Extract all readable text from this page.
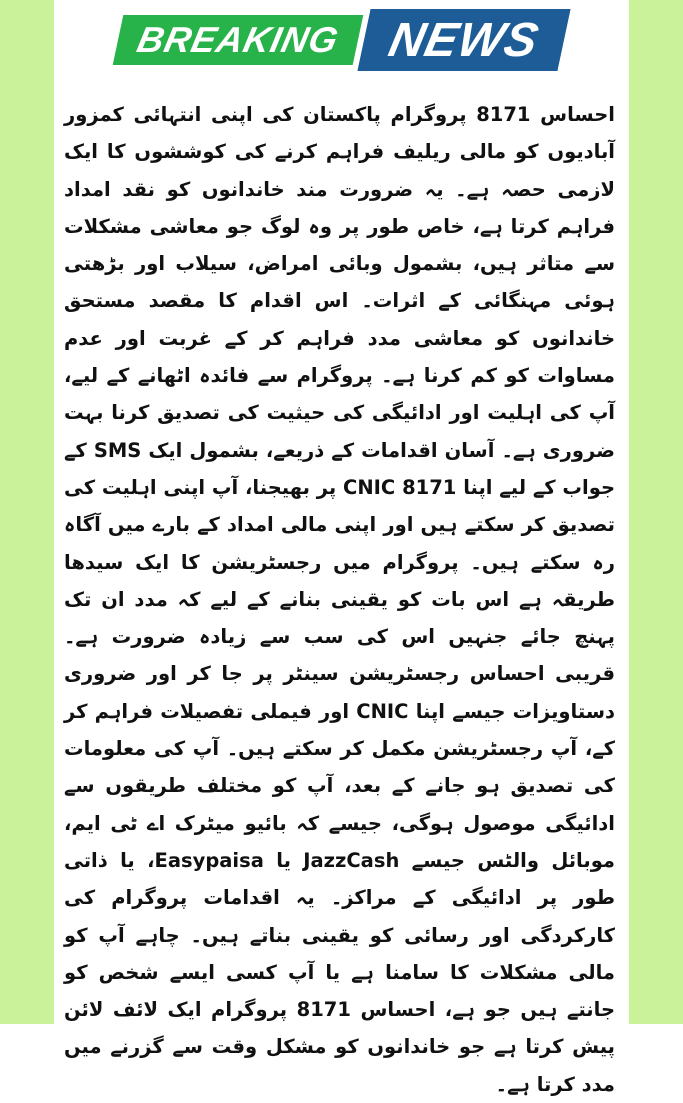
BREAKING NEWS

احساس 8171 پروگرام پاکستان کی اپنی انتہائی کمزور آبادیوں کو مالی ریلیف فراہم کرنے کی کوششوں کا ایک لازمی حصہ ہے۔ یہ ضرورت مند خاندانوں کو نقد امداد فراہم کرتا ہے، خاص طور پر وہ لوگ جو معاشی مشکلات سے متاثر ہیں، بشمول وبائی امراض، سیلاب اور بڑھتی ہوئی مہنگائی کے اثرات۔ اس اقدام کا مقصد مستحق خاندانوں کو معاشی مدد فراہم کر کے غربت اور عدم مساوات کو کم کرنا ہے۔ پروگرام سے فائدہ اٹھانے کے لیے، آپ کی اہلیت اور ادائیگی کی حیثیت کی تصدیق کرنا بہت ضروری ہے۔ آسان اقدامات کے ذریعے، بشمول ایک SMS کے جواب کے لیے اپنا CNIC 8171 پر بھیجنا، آپ اپنی اہلیت کی تصدیق کر سکتے ہیں اور اپنی مالی امداد کے بارے میں آگاہ رہ سکتے ہیں۔ پروگرام میں رجسٹریشن کا ایک سیدھا طریقہ ہے اس بات کو یقینی بنانے کے لیے کہ مدد ان تک پہنچ جائے جنہیں اس کی سب سے زیادہ ضرورت ہے۔ قریبی احساس رجسٹریشن سینٹر پر جا کر اور ضروری دستاویزات جیسے اپنا CNIC اور فیملی تفصیلات فراہم کر کے، آپ رجسٹریشن مکمل کر سکتے ہیں۔ آپ کی معلومات کی تصدیق ہو جانے کے بعد، آپ کو مختلف طریقوں سے ادائیگی موصول ہوگی، جیسے کہ بائیو میٹرک اے ٹی ایم، موبائل والٹس جیسے JazzCash یا Easypaisa، یا ذاتی طور پر ادائیگی کے مراکز۔ یہ اقدامات پروگرام کی کارکردگی اور رسائی کو یقینی بناتے ہیں۔ چاہے آپ کو مالی مشکلات کا سامنا ہے یا آپ کسی ایسے شخص کو جانتے ہیں جو ہے، احساس 8171 پروگرام ایک لائف لائن پیش کرتا ہے جو خاندانوں کو مشکل وقت سے گزرنے میں مدد کرتا ہے۔
